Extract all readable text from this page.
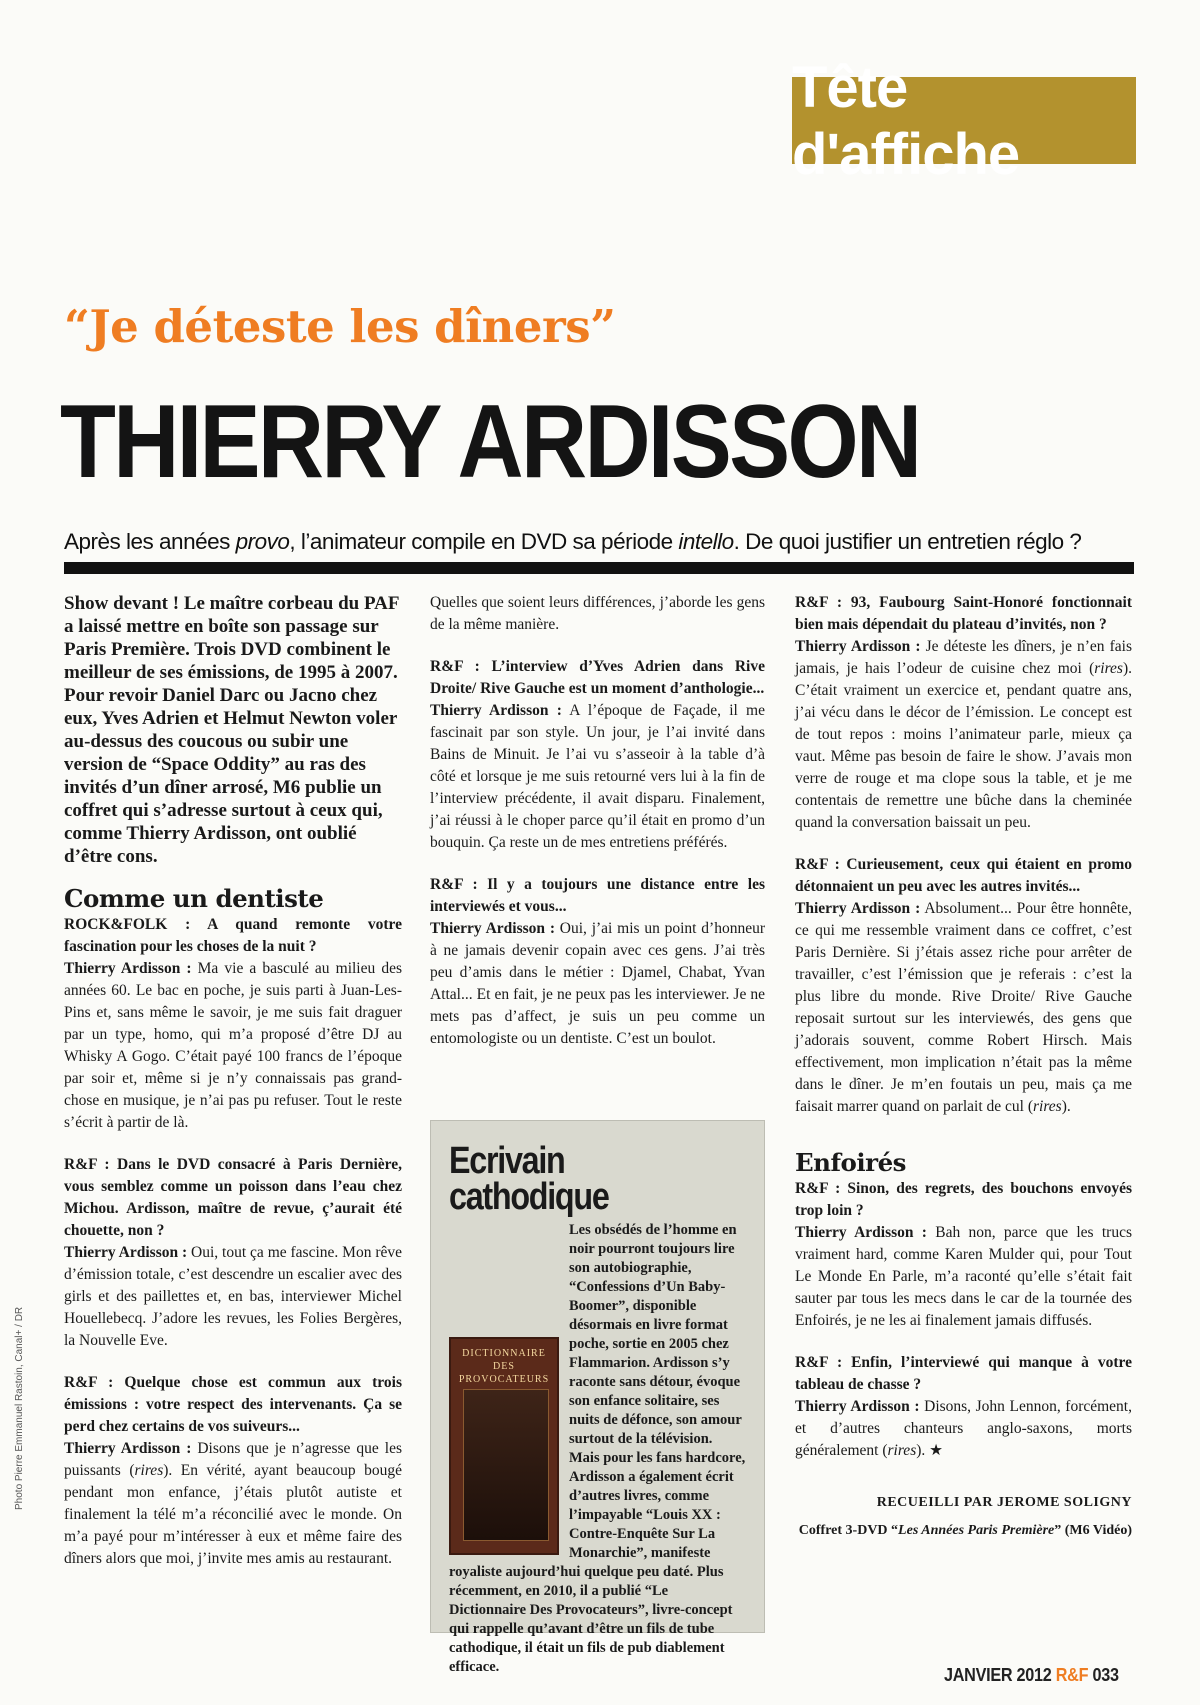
Tête d'affiche
“Je déteste les dîners”
THIERRY ARDISSON
Après les années provo, l’animateur compile en DVD sa période intello. De quoi justifier un entretien réglo ?

Show devant ! Le maître corbeau du PAF a laissé mettre en boîte son passage sur Paris Première. Trois DVD combinent le meilleur de ses émissions, de 1995 à 2007. Pour revoir Daniel Darc ou Jacno chez eux, Yves Adrien et Helmut Newton voler au-dessus des coucous ou subir une version de “Space Oddity” au ras des invités d’un dîner arrosé, M6 publie un coffret qui s’adresse surtout à ceux qui, comme Thierry Ardisson, ont oublié d’être cons.

Comme un dentiste

ROCK&FOLK : A quand remonte votre fascination pour les choses de la nuit ?
Thierry Ardisson : Ma vie a basculé au milieu des années 60. Le bac en poche, je suis parti à Juan-Les-Pins et, sans même le savoir, je me suis fait draguer par un type, homo, qui m’a proposé d’être DJ au Whisky A Gogo. C’était payé 100 francs de l’époque par soir et, même si je n’y connaissais pas grand-chose en musique, je n’ai pas pu refuser. Tout le reste s’écrit à partir de là.

R&F : Dans le DVD consacré à Paris Dernière, vous semblez comme un poisson dans l’eau chez Michou. Ardisson, maître de revue, ç’aurait été chouette, non ?
Thierry Ardisson : Oui, tout ça me fascine. Mon rêve d’émission totale, c’est descendre un escalier avec des girls et des paillettes et, en bas, interviewer Michel Houellebecq. J’adore les revues, les Folies Bergères, la Nouvelle Eve.

R&F : Quelque chose est commun aux trois émissions : votre respect des intervenants. Ça se perd chez certains de vos suiveurs...
Thierry Ardisson : Disons que je n’agresse que les puissants (rires). En vérité, ayant beaucoup bougé pendant mon enfance, j’étais plutôt autiste et finalement la télé m’a réconcilié avec le monde. On m’a payé pour m’intéresser à eux et même faire des dîners alors que moi, j’invite mes amis au restaurant.

Quelles que soient leurs différences, j’aborde les gens de la même manière.

R&F : L’interview d’Yves Adrien dans Rive Droite/ Rive Gauche est un moment d’anthologie...
Thierry Ardisson : A l’époque de Façade, il me fascinait par son style. Un jour, je l’ai invité dans Bains de Minuit. Je l’ai vu s’asseoir à la table d’à côté et lorsque je me suis retourné vers lui à la fin de l’interview précédente, il avait disparu. Finalement, j’ai réussi à le choper parce qu’il était en promo d’un bouquin. Ça reste un de mes entretiens préférés.

R&F : Il y a toujours une distance entre les interviewés et vous...
Thierry Ardisson : Oui, j’ai mis un point d’honneur à ne jamais devenir copain avec ces gens. J’ai très peu d’amis dans le métier : Djamel, Chabat, Yvan Attal... Et en fait, je ne peux pas les interviewer. Je ne mets pas d’affect, je suis un peu comme un entomologiste ou un dentiste. C’est un boulot.

Ecrivain
cathodique
DICTIONNAIRE DES PROVOCATEURS
Les obsédés de l’homme en noir pourront toujours lire son autobiographie, “Confessions d’Un Baby-Boomer”, disponible désormais en livre format poche, sortie en 2005 chez Flammarion. Ardisson s’y raconte sans détour, évoque son enfance solitaire, ses nuits de défonce, son amour surtout de la télévision. Mais pour les fans hardcore, Ardisson a également écrit d’autres livres, comme l’impayable “Louis XX : Contre-Enquête Sur La Monarchie”, manifeste royaliste aujourd’hui quelque peu daté. Plus récemment, en 2010, il a publié “Le Dictionnaire Des Provocateurs”, livre-concept qui rappelle qu’avant d’être un fils de tube cathodique, il était un fils de pub diablement efficace.

R&F : 93, Faubourg Saint-Honoré fonctionnait bien mais dépendait du plateau d’invités, non ?
Thierry Ardisson : Je déteste les dîners, je n’en fais jamais, je hais l’odeur de cuisine chez moi (rires). C’était vraiment un exercice et, pendant quatre ans, j’ai vécu dans le décor de l’émission. Le concept est de tout repos : moins l’animateur parle, mieux ça vaut. Même pas besoin de faire le show. J’avais mon verre de rouge et ma clope sous la table, et je me contentais de remettre une bûche dans la cheminée quand la conversation baissait un peu.

R&F : Curieusement, ceux qui étaient en promo détonnaient un peu avec les autres invités...
Thierry Ardisson : Absolument... Pour être honnête, ce qui me ressemble vraiment dans ce coffret, c’est Paris Dernière. Si j’étais assez riche pour arrêter de travailler, c’est l’émission que je referais : c’est la plus libre du monde. Rive Droite/ Rive Gauche reposait surtout sur les interviewés, des gens que j’adorais souvent, comme Robert Hirsch. Mais effectivement, mon implication n’était pas la même dans le dîner. Je m’en foutais un peu, mais ça me faisait marrer quand on parlait de cul (rires).

Enfoirés

R&F : Sinon, des regrets, des bouchons envoyés trop loin ?
Thierry Ardisson : Bah non, parce que les trucs vraiment hard, comme Karen Mulder qui, pour Tout Le Monde En Parle, m’a raconté qu’elle s’était fait sauter par tous les mecs dans le car de la tournée des Enfoirés, je ne les ai finalement jamais diffusés.

R&F : Enfin, l’interviewé qui manque à votre tableau de chasse ?
Thierry Ardisson : Disons, John Lennon, forcément, et d’autres chanteurs anglo-saxons, morts généralement (rires). ★

RECUEILLI PAR JEROME SOLIGNY
Coffret 3-DVD “Les Années Paris Première” (M6 Vidéo)
Photo Pierre Emmanuel Rastoin, Canal+ / DR
JANVIER 2012 R&F 033
